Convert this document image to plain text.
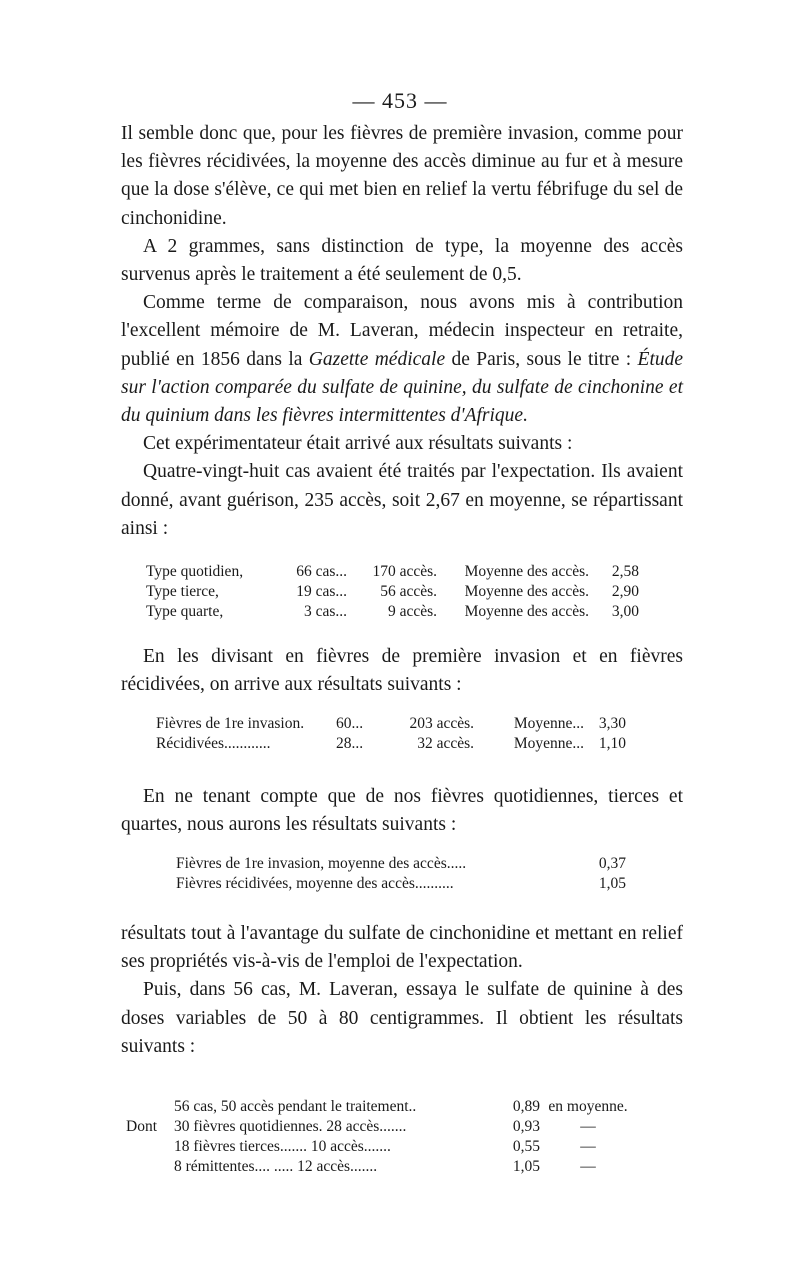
— 453 —

Il semble donc que, pour les fièvres de première invasion, comme pour les fièvres récidivées, la moyenne des accès diminue au fur et à mesure que la dose s'élève, ce qui met bien en relief la vertu fébrifuge du sel de cinchonidine.

A 2 grammes, sans distinction de type, la moyenne des accès survenus après le traitement a été seulement de 0,5.

Comme terme de comparaison, nous avons mis à contribution l'excellent mémoire de M. Laveran, médecin inspecteur en retraite, publié en 1856 dans la Gazette médicale de Paris, sous le titre : Étude sur l'action comparée du sulfate de quinine, du sulfate de cinchonine et du quinium dans les fièvres intermittentes d'Afrique.

Cet expérimentateur était arrivé aux résultats suivants :

Quatre-vingt-huit cas avaient été traités par l'expectation. Ils avaient donné, avant guérison, 235 accès, soit 2,67 en moyenne, se répartissant ainsi :

Type quotidien,	66 cas...	170 accès.	Moyenne des accès.	2,58
Type tierce,	19 cas...	56 accès.	Moyenne des accès.	2,90
Type quarte,	3 cas...	9 accès.	Moyenne des accès.	3,00

En les divisant en fièvres de première invasion et en fièvres récidivées, on arrive aux résultats suivants :

Fièvres de 1re invasion.	60...	203 accès.	Moyenne...	3,30
Récidivées............	28...	32 accès.	Moyenne...	1,10

En ne tenant compte que de nos fièvres quotidiennes, tierces et quartes, nous aurons les résultats suivants :

Fièvres de 1re invasion, moyenne des accès.....	0,37
Fièvres récidivées, moyenne des accès..........	1,05

résultats tout à l'avantage du sulfate de cinchonidine et mettant en relief ses propriétés vis-à-vis de l'emploi de l'expectation.

Puis, dans 56 cas, M. Laveran, essaya le sulfate de quinine à des doses variables de 50 à 80 centigrammes. Il obtient les résultats suivants :

	56 cas, 50 accès pendant le traitement..	0,89	en moyenne.
Dont	30 fièvres quotidiennes. 28 accès.......	0,93	—
	18 fièvres tierces....... 10 accès.......	0,55	—
	8 rémittentes.... ..... 12 accès.......	1,05	—
